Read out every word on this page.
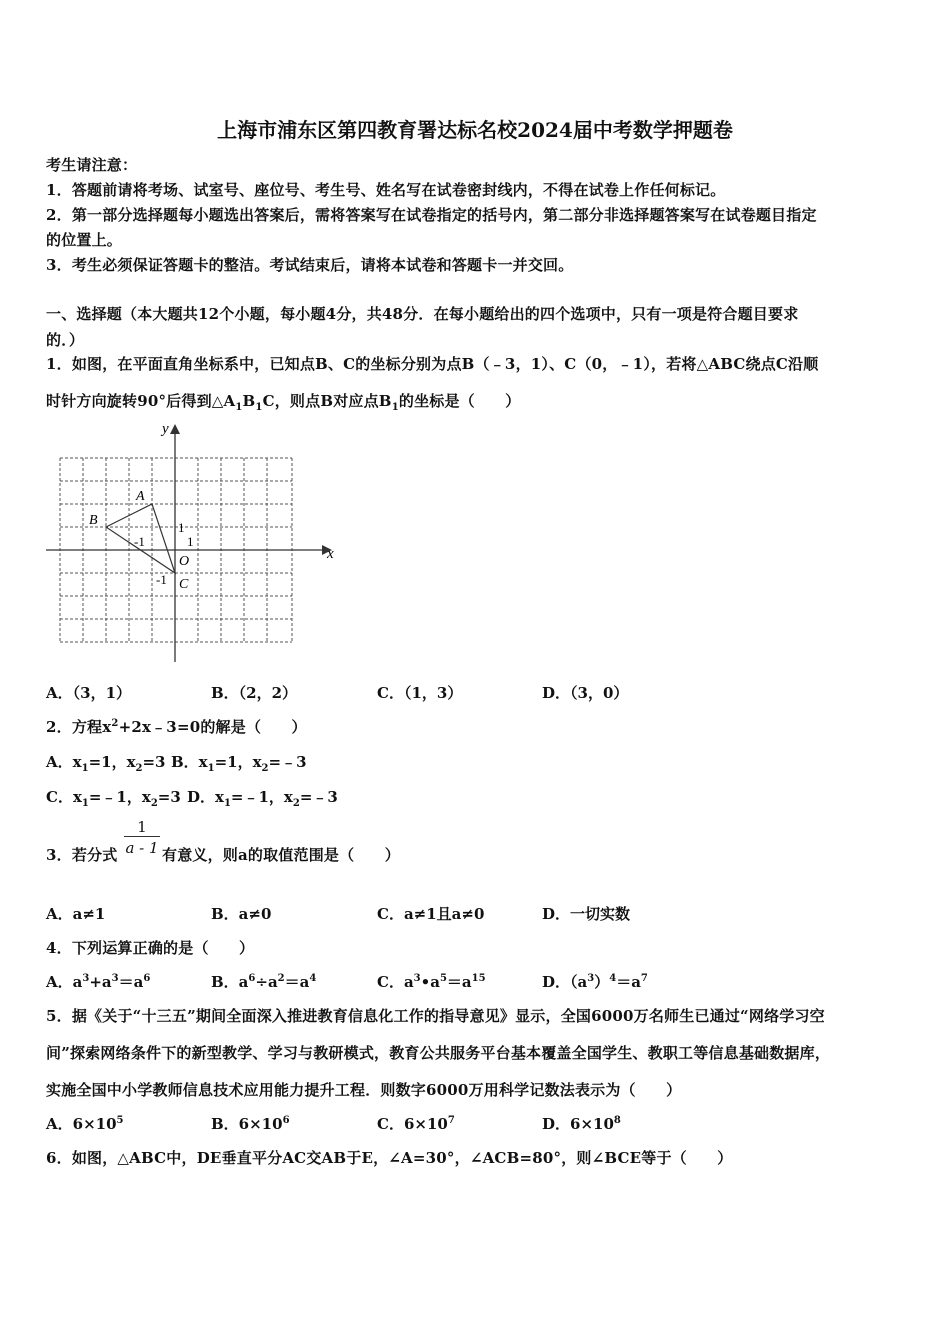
上海市浦东区第四教育署达标名校2024届中考数学押题卷
考生请注意：
1．答题前请将考场、试室号、座位号、考生号、姓名写在试卷密封线内，不得在试卷上作任何标记。
2．第一部分选择题每小题选出答案后，需将答案写在试卷指定的括号内，第二部分非选择题答案写在试卷题目指定
的位置上。
3．考生必须保证答题卡的整洁。考试结束后，请将本试卷和答题卡一并交回。
一、选择题（本大题共12个小题，每小题4分，共48分．在每小题给出的四个选项中，只有一项是符合题目要求
的．）
1．如图，在平面直角坐标系中，已知点B、C的坐标分别为点B（﹣3，1）、C（0，﹣1），若将△ABC绕点C沿顺
时针方向旋转90°后得到$\triangle A_1B_1C$，则点B对应点$B_1$的坐标是（　　）
y
x
A
B
O
C
1
1
-1
-1
A．（3，1）	B．（2，2）	C．（1，3）	D．（3，0）
2．方程$x^2+2x﹣3=0$的解是（　　）
A．$x_1=1$，$x_2=3$ B．$x_1=1$，$x_2=﹣3$
C．$x_1=﹣1$，$x_2=3$ D．$x_1=﹣1$，$x_2=﹣3$
3．若分式 $\frac{1}{a - 1}$ 有意义，则a的取值范围是（　　）
A．a≠1	B．a≠0	C．a≠1且a≠0	D．一切实数
4．下列运算正确的是（　　）
A．$a^3+a^3=a^6$	B．$a^6\div a^2=a^4$	C．$a^3•a^5=a^{15}$	D．$(a^3)^4=a^7$
5．据《关于“十三五”期间全面深入推进教育信息化工作的指导意见》显示，全国6000万名师生已通过“网络学习空
间”探索网络条件下的新型教学、学习与教研模式，教育公共服务平台基本覆盖全国学生、教职工等信息基础数据库，
实施全国中小学教师信息技术应用能力提升工程．则数字6000万用科学记数法表示为（　　）
A．$6\times 10^5$	B．$6\times 10^6$	C．$6\times 10^7$	D．$6\times 10^8$
6．如图，△ABC中，DE垂直平分AC交AB于E，∠A=30°，∠ACB=80°，则∠BCE等于（　　）
